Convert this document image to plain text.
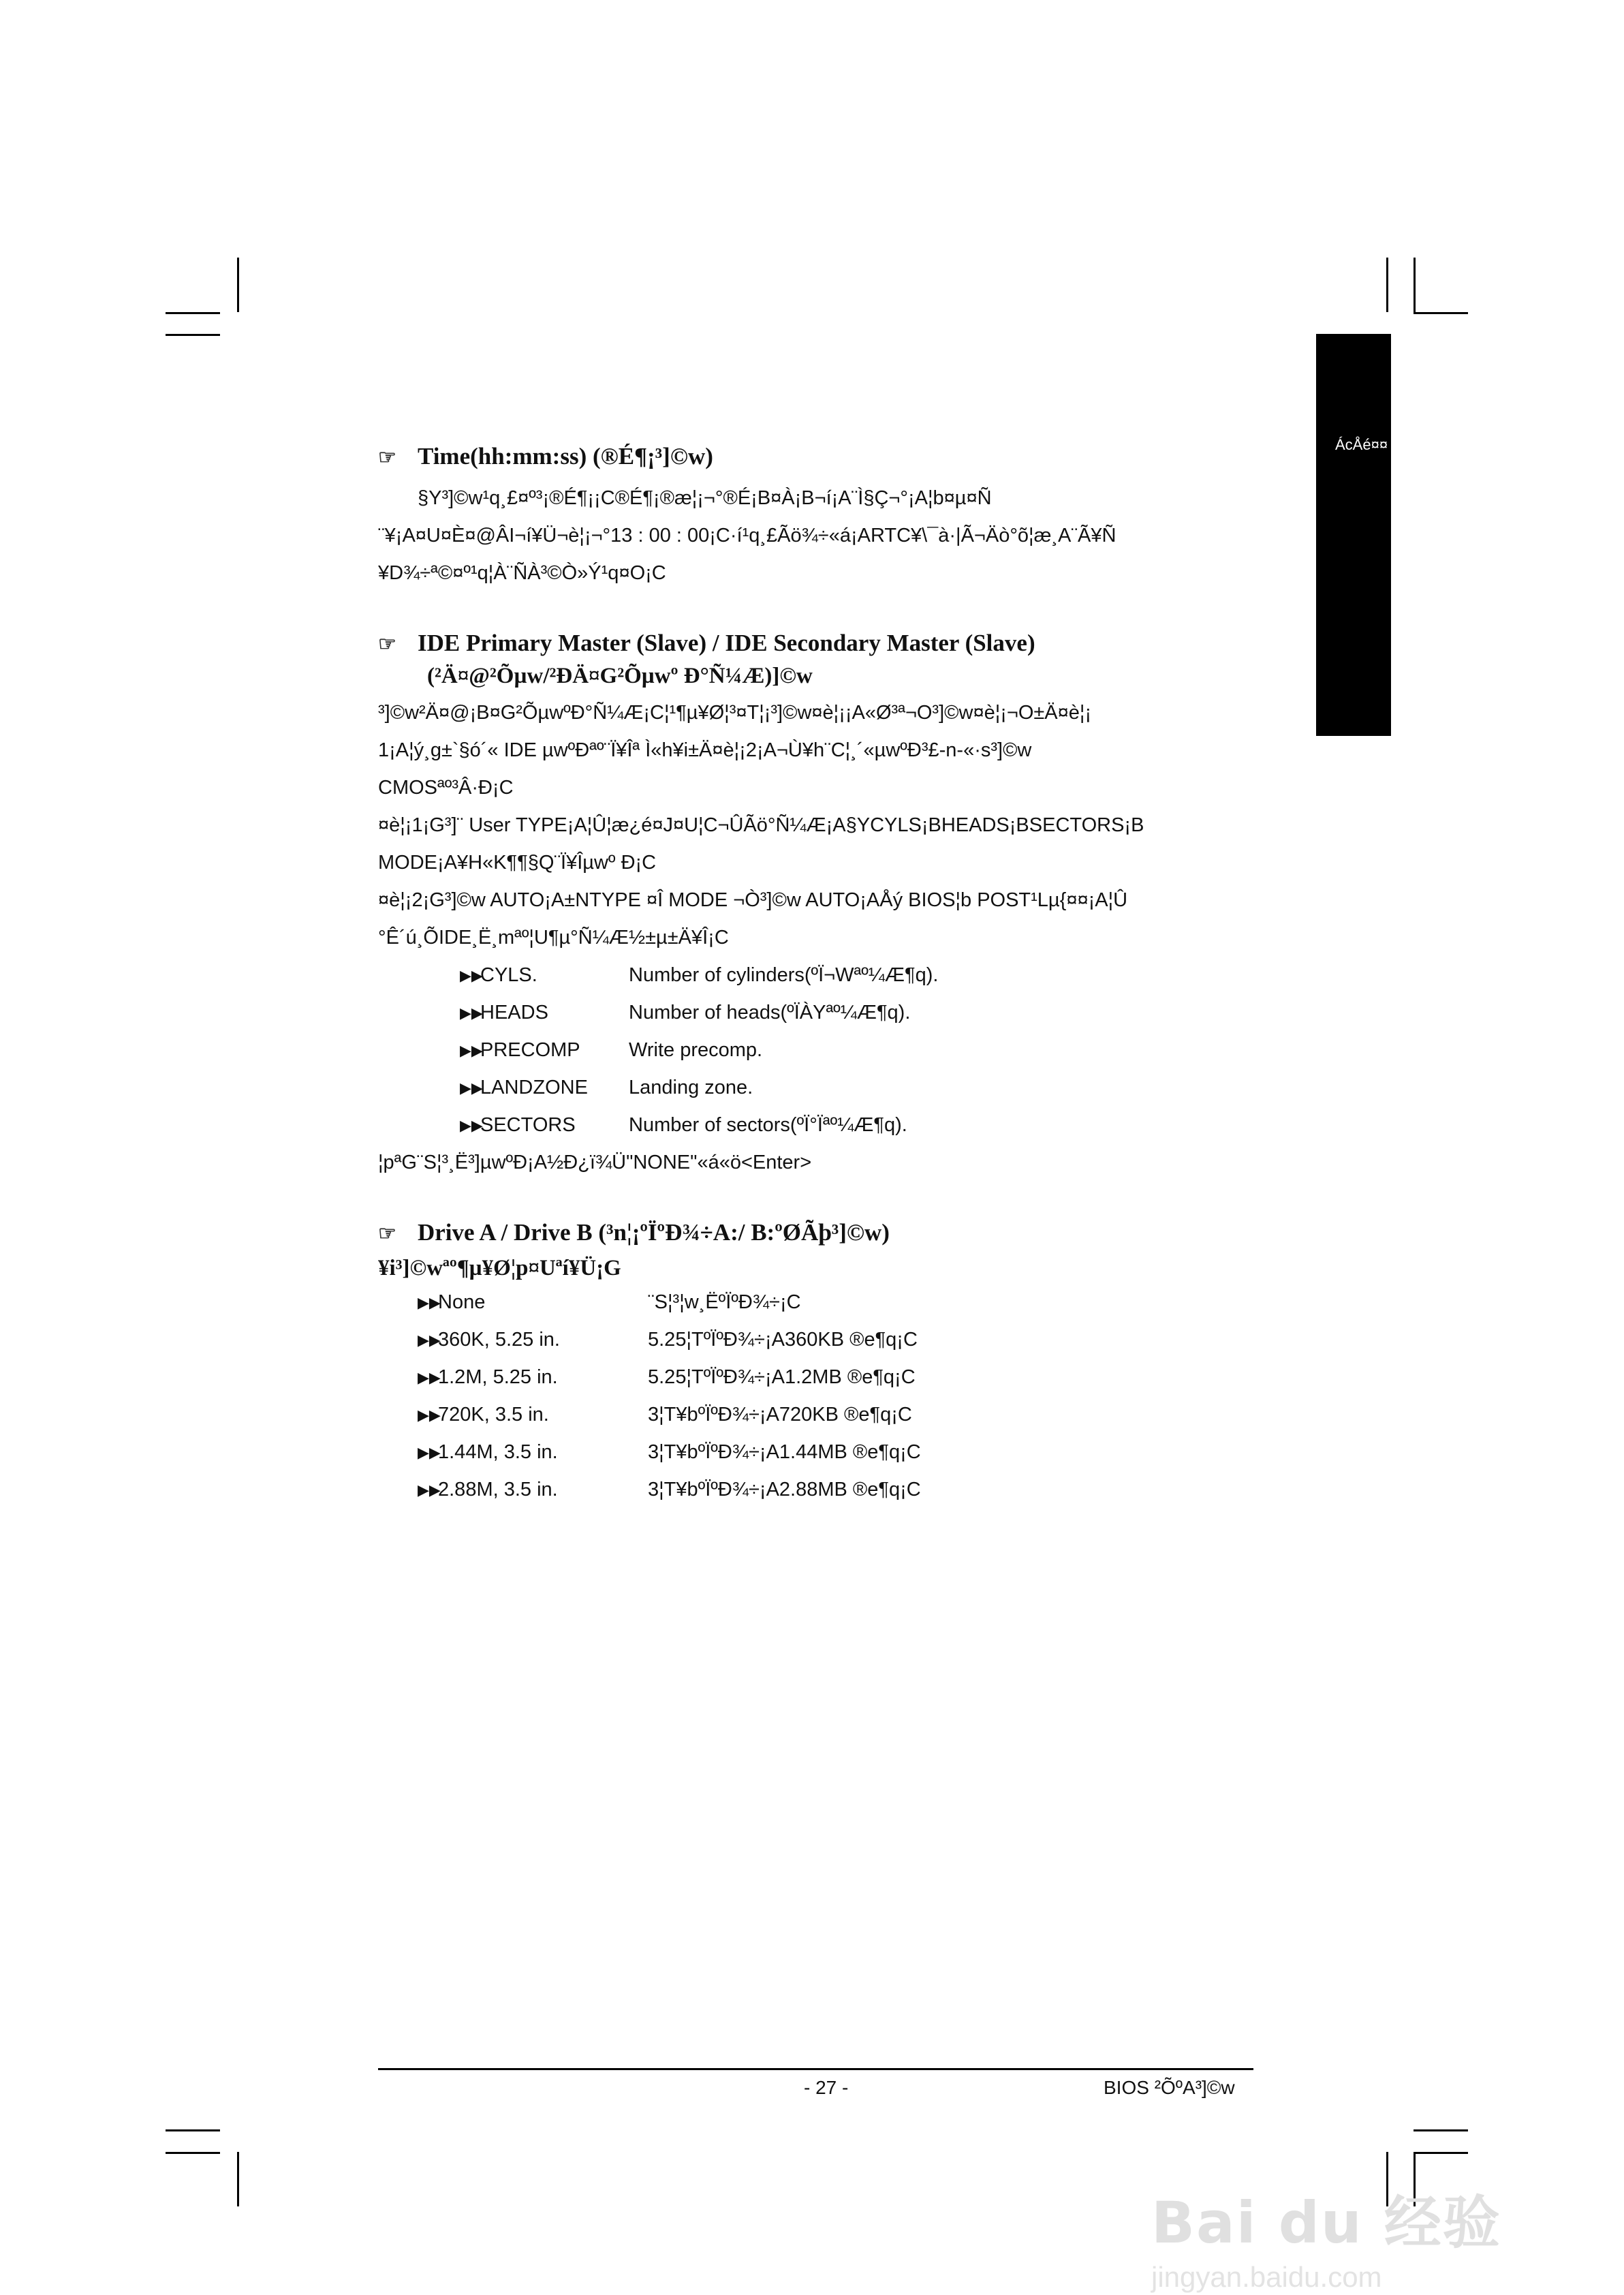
ÁcÅé¤¤
☞ Time(hh:mm:ss) (®É¶¡³]©w)
§Y³]©w¹q¸£¤º³¡®É¶¡¡C®É¶¡®æ¦¡¬°®É¡B¤À¡B¬í¡A¨Ì§Ç¬°¡A¦b¤µ¤Ñ
¨¥¡A¤U¤È¤@ÂI¬í¥Ü¬è¦¡¬°13 : 00 : 00¡C·í¹q¸£Ãö¾÷«á¡ARTC¥\¯à·|Ã¬Äò°õ¦æ¸A¨Ã¥Ñ
¥D¾÷ª©¤º¹q¦À¨ÑÀ³©Ò»Ý¹q¤O¡C
☞ IDE Primary Master (Slave) / IDE Secondary Master (Slave)
(²Ä¤@²Õµw/²ÐÄ¤G²Õµwº Ð°Ñ¼Æ)]©w
³]©w²Ä¤@¡B¤G²ÕµwºÐ°Ñ¼Æ¡C¦¹¶µ¥Ø¦³¤T¦¡³]©w¤è¦¡¡A«Ø³ª¬O³]©w¤è¦¡¬O±Ä¤è¦¡
1¡A¦ý¸g±`§ó´« IDE µwºÐªº¨Ï¥Îª Ì«h¥i±Ä¤è¦¡2¡A¬Ù¥h¨C¦¸´«µwºÐ³£-n-«·s³]©w
CMOSªº³Â·Ð¡C
¤è¦¡1¡G³]¨ User TYPE¡A¦Û¦æ¿é¤J¤U¦C¬ÛÃö°Ñ¼Æ¡A§YCYLS¡BHEADS¡BSECTORS¡B
MODE¡A¥H«K¶¶§Q¨Ï¥Îµwº Ð¡C
¤è¦¡2¡G³]©w AUTO¡A±NTYPE ¤Î MODE ¬Ò³]©w AUTO¡AÅý BIOS¦b POST¹Lµ{¤¤¡A¦Û
°Ê´ú¸ÕIDE¸Ë¸mªº¦U¶µ°Ñ¼Æ½±µ±Ä¥Î¡C
▶▶
CYLS.	Number of cylinders(ºÏ¬Wªº¼Æ¶q).
▶▶
HEADS	Number of heads(ºÏÀYªº¼Æ¶q).
▶▶
PRECOMP	Write precomp.
▶▶
LANDZONE	Landing zone.
▶▶
SECTORS	Number of sectors(ºÏ°Ïªº¼Æ¶q).
¦pªG¨S¦³¸Ë³]µwºÐ¡A½Ð¿ï¾Ü"NONE"«á«ö<Enter>
☞ Drive A / Drive B (³n¦¡ºÏºÐ¾÷A:/ B:ºØÃþ³]©w)
¥i³]©wªº¶µ¥Ø¦p¤Uªí¥Ü¡G
▶▶
None	¨S¦³¦w¸ËºÏºÐ¾÷¡C
▶▶
360K, 5.25 in.	5.25¦TºÏºÐ¾÷¡A360KB ®e¶q¡C
▶▶
1.2M, 5.25 in.	5.25¦TºÏºÐ¾÷¡A1.2MB ®e¶q¡C
▶▶
720K, 3.5 in.	3¦T¥bºÏºÐ¾÷¡A720KB ®e¶q¡C
▶▶
1.44M, 3.5 in.	3¦T¥bºÏºÐ¾÷¡A1.44MB ®e¶q¡C
▶▶
2.88M, 3.5 in.	3¦T¥bºÏºÐ¾÷¡A2.88MB ®e¶q¡C
- 27 -	BIOS ²ÕºA³]©w
Bai du 经验
jingyan.baidu.com
